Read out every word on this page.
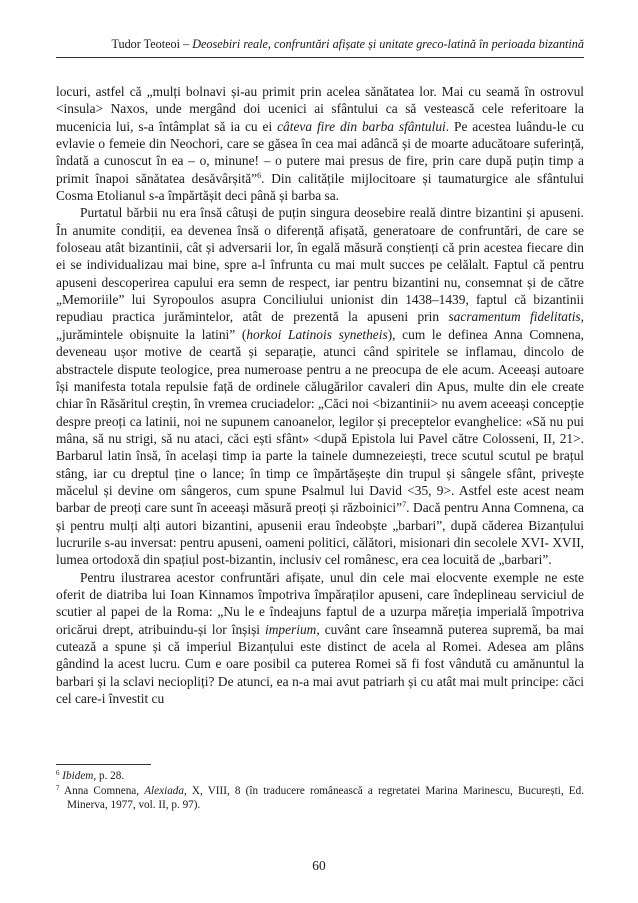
Tudor Teoteoi – Deosebiri reale, confruntări afișate și unitate greco-latină în perioada bizantină

locuri, astfel că „mulți bolnavi și-au primit prin acelea sănătatea lor. Mai cu seamă în ostrovul <insula> Naxos, unde mergând doi ucenici ai sfântului ca să vestească cele referitoare la mucenicia lui, s-a întâmplat să ia cu ei câteva fire din barba sfântului. Pe acestea luându-le cu evlavie o femeie din Neochori, care se găsea în cea mai adâncă și de moarte aducătoare suferință, îndată a cunoscut în ea – o, minune! – o putere mai presus de fire, prin care după puțin timp a primit înapoi sănătatea desăvârșită”$^6$. Din calitățile mijlocitoare și taumaturgice ale sfântului Cosma Etolianul s-a împărtășit deci până și barba sa.

Purtatul bărbii nu era însă câtuși de puțin singura deosebire reală dintre bizantini și apuseni. În anumite condiții, ea devenea însă o diferență afișată, generatoare de confruntări, de care se foloseau atât bizantinii, cât și adversarii lor, în egală măsură conștienți că prin acestea fiecare din ei se individualizau mai bine, spre a-l înfrunta cu mai mult succes pe celălalt. Faptul că pentru apuseni descoperirea capului era semn de respect, iar pentru bizantini nu, consemnat și de către „Memoriile” lui Syropoulos asupra Conciliului unionist din 1438–1439, faptul că bizantinii repudiau practica jurămintelor, atât de prezentă la apuseni prin sacramentum fidelitatis, „jurămintele obișnuite la latini” (horkoi Latinois synetheis), cum le definea Anna Comnena, deveneau ușor motive de ceartă și separație, atunci când spiritele se inflamau, dincolo de abstractele dispute teologice, prea numeroase pentru a ne preocupa de ele acum. Aceeași autoare își manifesta totala repulsie față de ordinele călugărilor cavaleri din Apus, multe din ele create chiar în Răsăritul creștin, în vremea cruciadelor: „Căci noi <bizantinii> nu avem aceeași concepție despre preoți ca latinii, noi ne supunem canoanelor, legilor și preceptelor evanghelice: «Să nu pui mâna, să nu strigi, să nu ataci, căci ești sfânt» <după Epistola lui Pavel către Colosseni, II, 21>. Barbarul latin însă, în același timp ia parte la tainele dumnezeiești, trece scutul scutul pe brațul stâng, iar cu dreptul ține o lance; în timp ce împărtășește din trupul și sângele sfânt, privește măcelul și devine om sângeros, cum spune Psalmul lui David <35, 9>. Astfel este acest neam barbar de preoți care sunt în aceeași măsură preoți și războinici”$^7$. Dacă pentru Anna Comnena, ca și pentru mulți alți autori bizantini, apusenii erau îndeobște „barbari”, după căderea Bizanțului lucrurile s-au inversat: pentru apuseni, oameni politici, călători, misionari din secolele XVI- XVII, lumea ortodoxă din spațiul post-bizantin, inclusiv cel românesc, era cea locuită de „barbari”.

Pentru ilustrarea acestor confruntări afișate, unul din cele mai elocvente exemple ne este oferit de diatriba lui Ioan Kinnamos împotriva împăraților apuseni, care îndeplineau serviciul de scutier al papei de la Roma: „Nu le e îndeajuns faptul de a uzurpa măreția imperială împotriva oricărui drept, atribuindu-și lor înșiși imperium, cuvânt care înseamnă puterea supremă, ba mai cutează a spune și că imperiul Bizanțului este distinct de acela al Romei. Adesea am plâns gândind la acest lucru. Cum e oare posibil ca puterea Romei să fi fost vândută cu amănuntul la barbari și la sclavi neciopliți? De atunci, ea n-a mai avut patriarh și cu atât mai mult principe: căci cel care-i învestit cu

$^6$ Ibidem, p. 28.

$^7$ Anna Comnena, Alexiada, X, VIII, 8 (în traducere românească a regretatei Marina Marinescu, București, Ed. Minerva, 1977, vol. II, p. 97).

60
